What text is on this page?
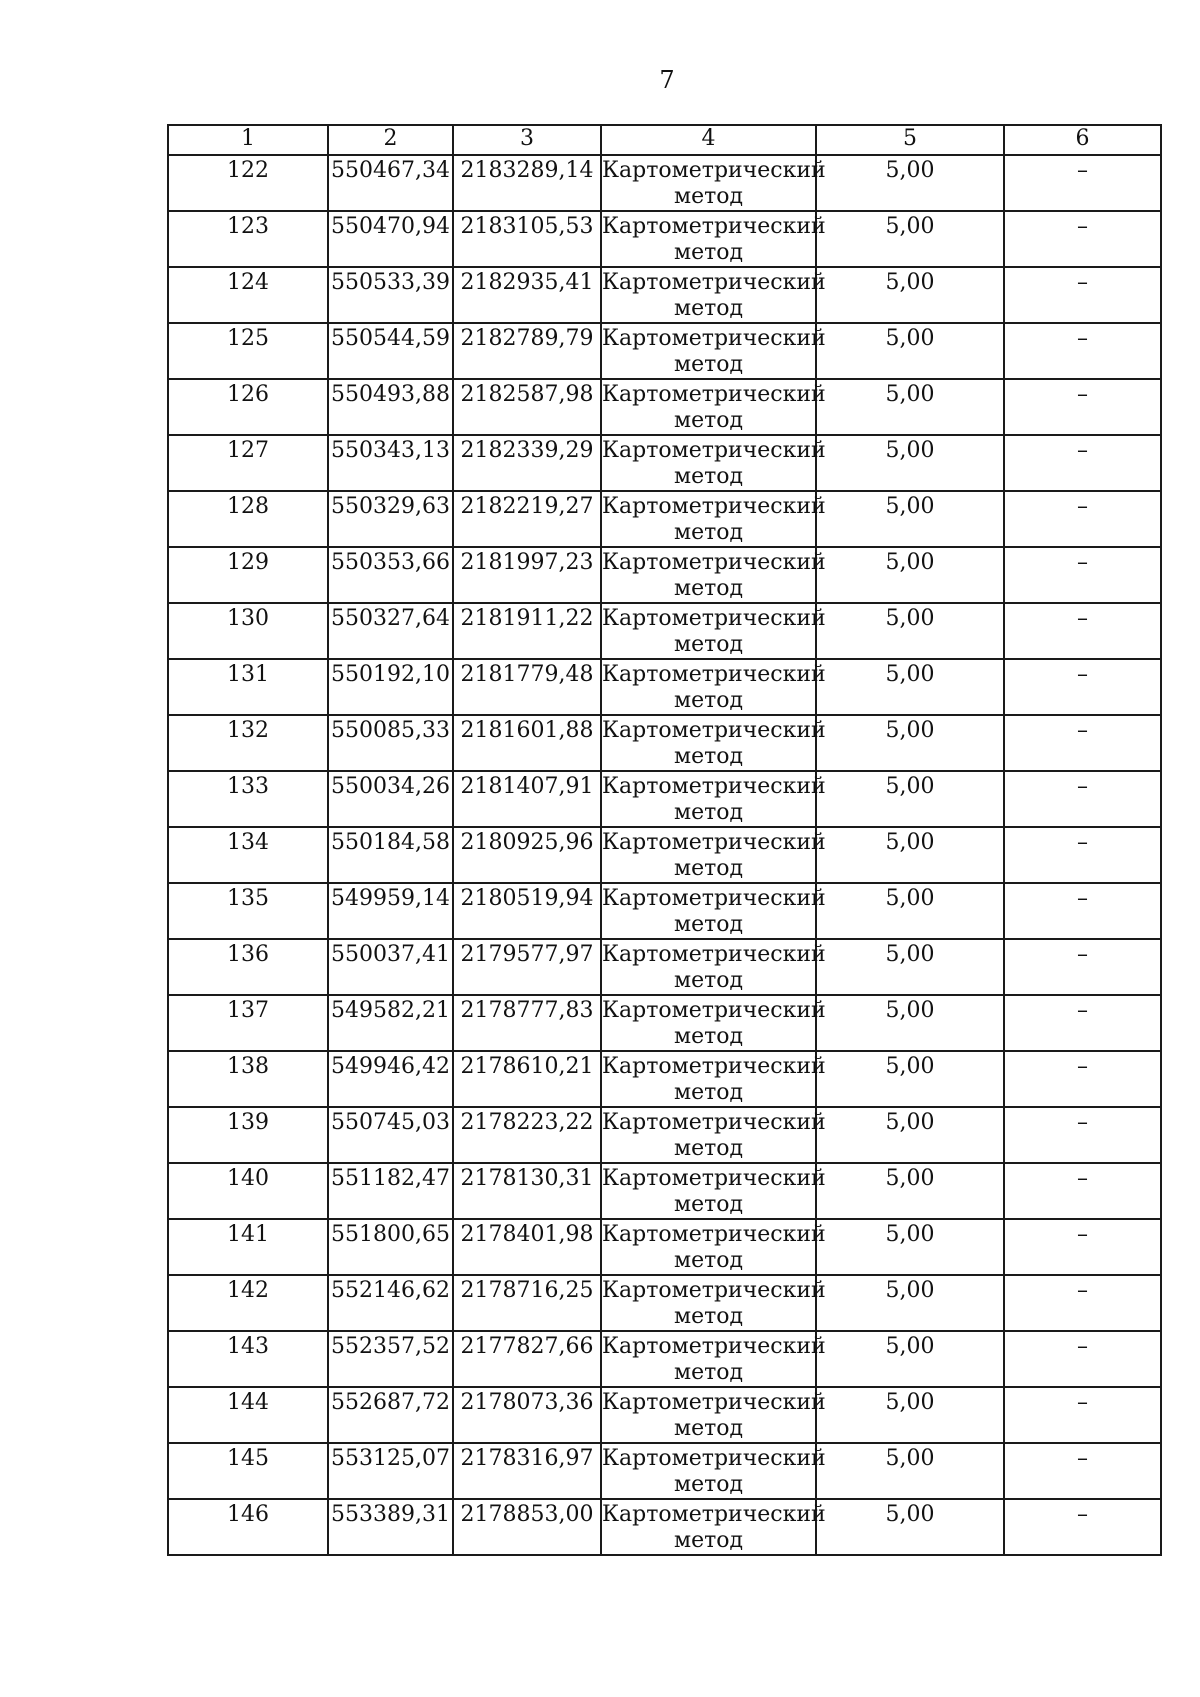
7
1	2	3	4	5	6
122	550467,34	2183289,14	Картометрический метод	5,00	–
123	550470,94	2183105,53	Картометрический метод	5,00	–
124	550533,39	2182935,41	Картометрический метод	5,00	–
125	550544,59	2182789,79	Картометрический метод	5,00	–
126	550493,88	2182587,98	Картометрический метод	5,00	–
127	550343,13	2182339,29	Картометрический метод	5,00	–
128	550329,63	2182219,27	Картометрический метод	5,00	–
129	550353,66	2181997,23	Картометрический метод	5,00	–
130	550327,64	2181911,22	Картометрический метод	5,00	–
131	550192,10	2181779,48	Картометрический метод	5,00	–
132	550085,33	2181601,88	Картометрический метод	5,00	–
133	550034,26	2181407,91	Картометрический метод	5,00	–
134	550184,58	2180925,96	Картометрический метод	5,00	–
135	549959,14	2180519,94	Картометрический метод	5,00	–
136	550037,41	2179577,97	Картометрический метод	5,00	–
137	549582,21	2178777,83	Картометрический метод	5,00	–
138	549946,42	2178610,21	Картометрический метод	5,00	–
139	550745,03	2178223,22	Картометрический метод	5,00	–
140	551182,47	2178130,31	Картометрический метод	5,00	–
141	551800,65	2178401,98	Картометрический метод	5,00	–
142	552146,62	2178716,25	Картометрический метод	5,00	–
143	552357,52	2177827,66	Картометрический метод	5,00	–
144	552687,72	2178073,36	Картометрический метод	5,00	–
145	553125,07	2178316,97	Картометрический метод	5,00	–
146	553389,31	2178853,00	Картометрический метод	5,00	–
